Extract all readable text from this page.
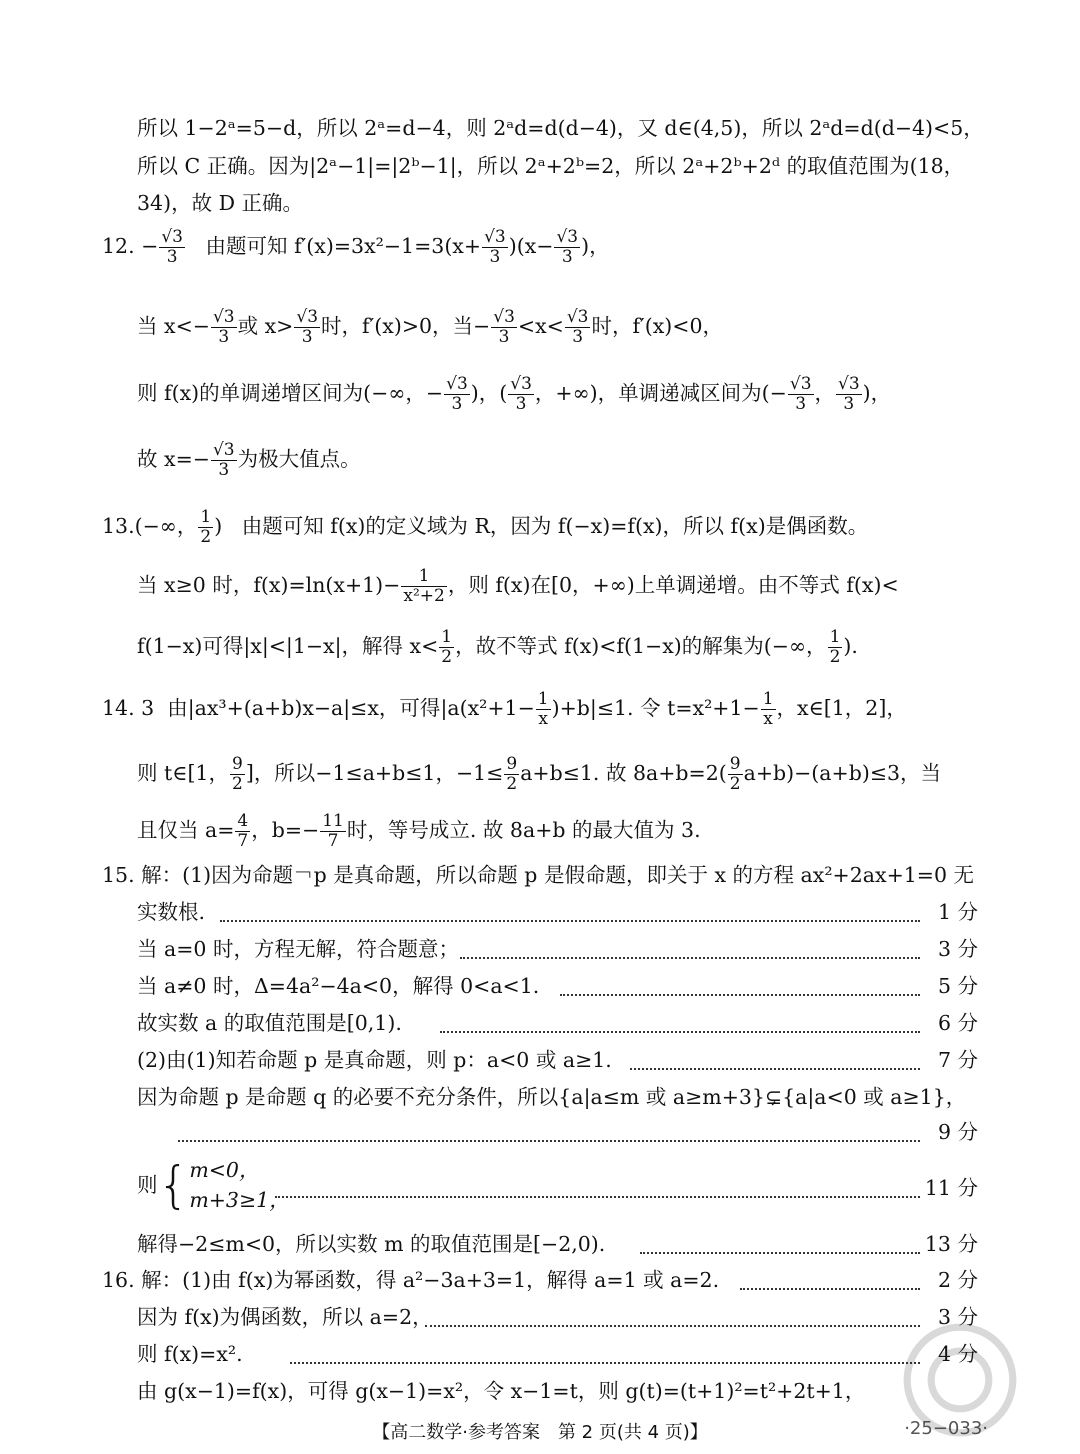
所以 1−2ᵃ=5−d，所以 2ᵃ=d−4，则 2ᵃd=d(d−4)，又 d∈(4,5)，所以 2ᵃd=d(d−4)<5，
所以 C 正确。因为|2ᵃ−1|=|2ᵇ−1|，所以 2ᵃ+2ᵇ=2，所以 2ᵃ+2ᵇ+2ᵈ 的取值范围为(18，
34)，故 D 正确。
12. − $\frac{√3}{3}$ 由题可知 $f'(x)=3x^2-1=3(x+ \frac{√3}{3} )(x- \frac{√3}{3}$ )，
当 $x<- \frac{√3}{3}$ 或 $x> \frac{√3}{3}$ 时，f′(x)>0，当− $\frac{√3}{3} <x< \frac{√3}{3}$ 时，f′(x)<0，
则 f(x)的单调递增区间为(−∞，− $\frac{√3}{3}$ )，( $\frac{√3}{3}$ ，+∞)，单调递减区间为(− $\frac{√3}{3}$ ， $\frac{√3}{3}$ )，
故 $x=- \frac{√3}{3}$ 为极大值点。
13.(−∞， $\frac{1}{2}$ ) 由题可知 f(x)的定义域为 R，因为 f(−x)=f(x)，所以 f(x)是偶函数。
当 x≥0 时，$f(x)=\ln(x+1)- \frac{1}{\text{x²+2}}$ ，则 f(x)在[0，+∞)上单调递增。由不等式 f(x)<
f(1−x)可得|x|<|1−x|，解得 $x< \frac{1}{2}$ ，故不等式 f(x)<f(1−x)的解集为(−∞， $\frac{1}{2}$ ).
14. 3 由|ax³+(a+b)x−a|≤x，可得$|a(x^2+1- \frac{1}{x} )+b|\le 1$. 令 $t=x^2+1- \frac{1}{x}$ ，x∈[1，2]，
则 t∈[1， $\frac{9}{2}$ ]，所以−1≤a+b≤1，$-1\le \frac{9}{2} a+b\le 1$. 故 $8a+b=2( \frac{9}{2} a+b)-(a+b)\le 3$，当
且仅当 $a= \frac{4}{7}$ ，$b=- \frac{11}{7}$ 时，等号成立. 故 8a+b 的最大值为 3.
15. 解：(1)因为命题￢p 是真命题，所以命题 p 是假命题，即关于 x 的方程 ax²+2ax+1=0 无
实数根.	1 分
当 a=0 时，方程无解，符合题意；	3 分
当 a≠0 时，Δ=4a²−4a<0，解得 0<a<1.	5 分
故实数 a 的取值范围是[0,1).	6 分
(2)由(1)知若命题 p 是真命题，则 p：a<0 或 a≥1.	7 分
因为命题 p 是命题 q 的必要不充分条件，所以{a|a≤m 或 a≥m+3}⊊{a|a<0 或 a≥1}，
9 分
则{ m<0，
m+3≥1，	11 分
解得−2≤m<0，所以实数 m 的取值范围是[−2,0).	13 分
16. 解：(1)由 f(x)为幂函数，得 a²−3a+3=1，解得 a=1 或 a=2.	2 分
因为 f(x)为偶函数，所以 a=2，	3 分
则 f(x)=x².	4 分
由 g(x−1)=f(x)，可得 g(x−1)=x²，令 x−1=t，则 g(t)=(t+1)²=t²+2t+1，
【高二数学·参考答案　第 2 页(共 4 页)】	·25−033·
